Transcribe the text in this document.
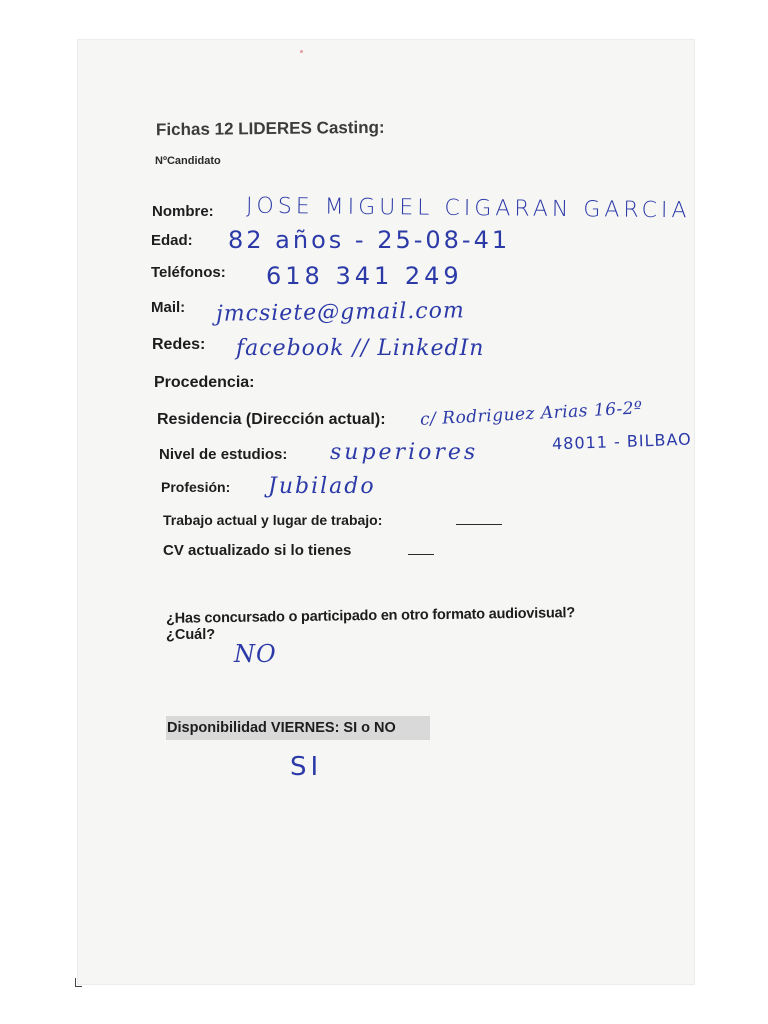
Fichas 12 LIDERES Casting:
NºCandidato
Nombre: JOSE MIGUEL CIGARAN GARCIA
Edad: 82 años - 25-08-41
Teléfonos: 618 341 249
Mail: jmcsiete@gmail.com
Redes: facebook // LinkedIn
Procedencia:
Residencia (Dirección actual): c/ Rodriguez Arias 16-2º
48011 - BILBAO
Nivel de estudios: superiores
Profesión: Jubilado
Trabajo actual y lugar de trabajo:
CV actualizado si lo tienes
¿Has concursado o participado en otro formato audiovisual?
¿Cuál?
NO
Disponibilidad VIERNES: SI o NO
SI
